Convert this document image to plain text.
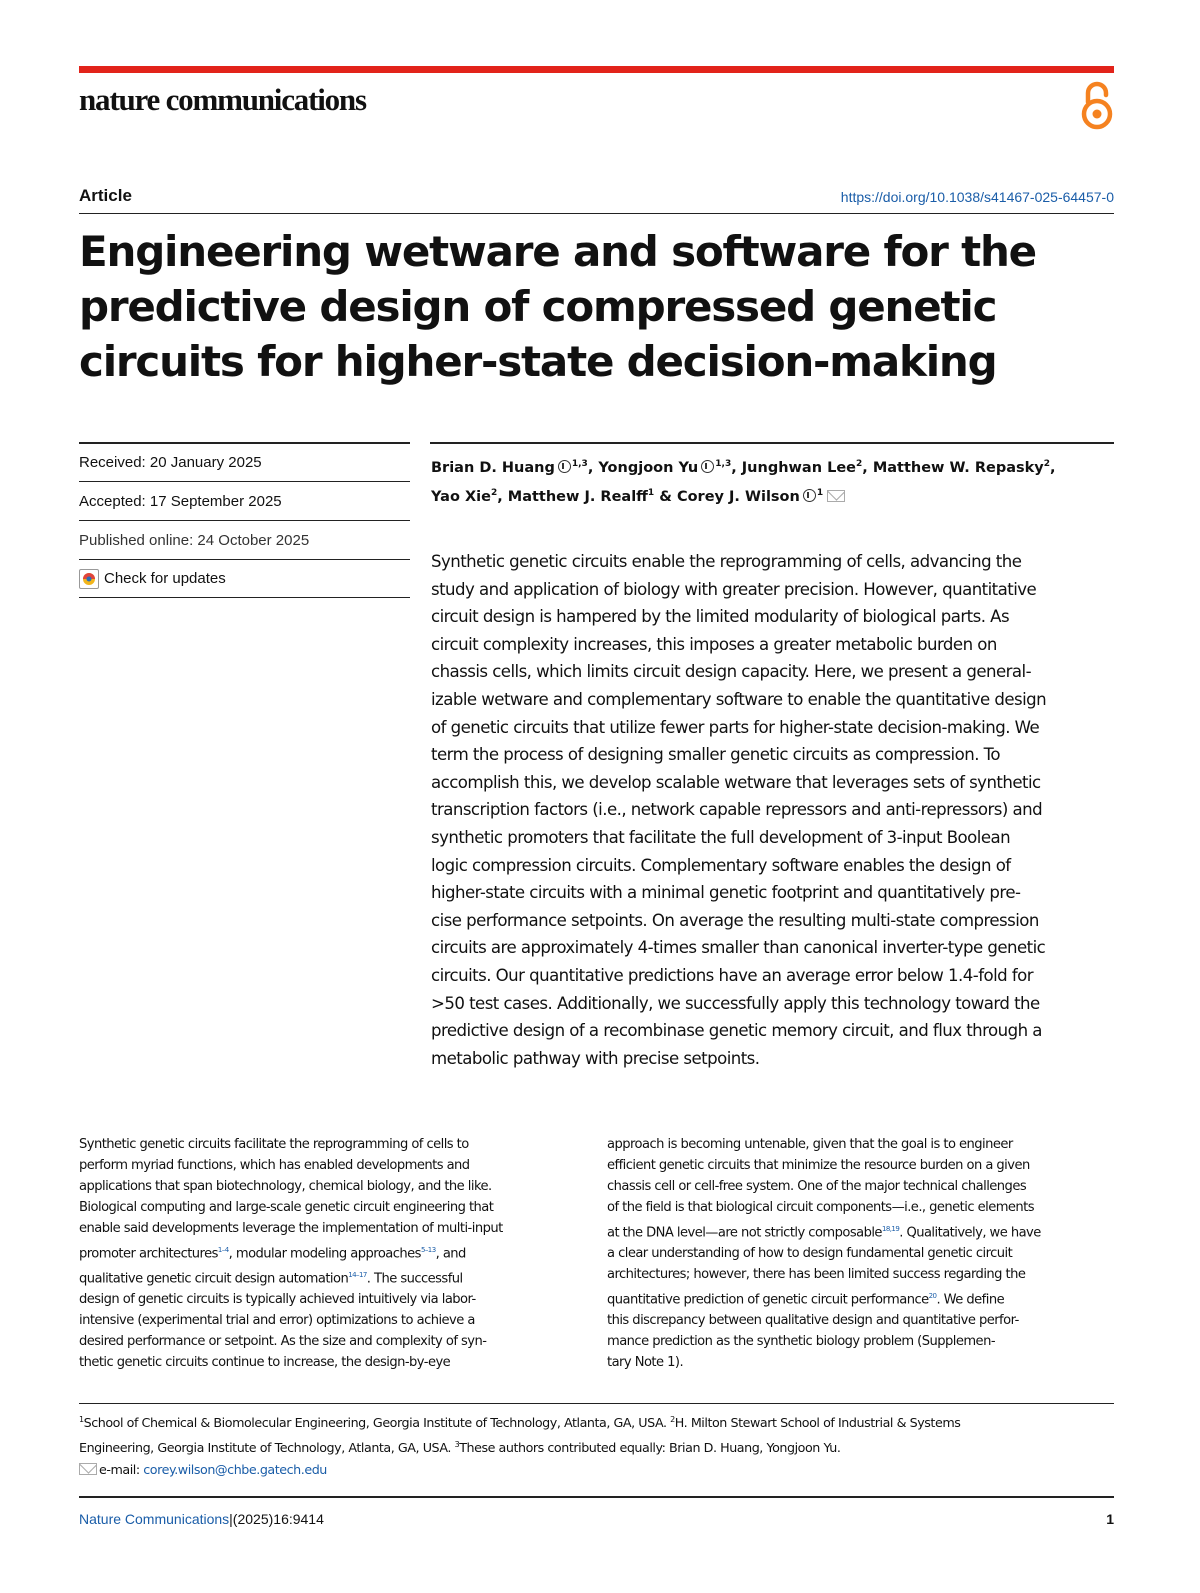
nature communications
Article	https://doi.org/10.1038/s41467-025-64457-0
Engineering wetware and software for the
predictive design of compressed genetic
circuits for higher-state decision-making
Received: 20 January 2025
Accepted: 17 September 2025
Published online: 24 October 2025
Check for updates
Brian D. Huang $^{1,3}$, Yongjoon Yu $^{1,3}$, Junghwan Lee$^2$, Matthew W. Repasky$^2$,
Yao Xie$^2$, Matthew J. Realff$^1$ & Corey J. Wilson $^1$
Synthetic genetic circuits enable the reprogramming of cells, advancing the
study and application of biology with greater precision. However, quantitative
circuit design is hampered by the limited modularity of biological parts. As
circuit complexity increases, this imposes a greater metabolic burden on
chassis cells, which limits circuit design capacity. Here, we present a general-
izable wetware and complementary software to enable the quantitative design
of genetic circuits that utilize fewer parts for higher-state decision-making. We
term the process of designing smaller genetic circuits as compression. To
accomplish this, we develop scalable wetware that leverages sets of synthetic
transcription factors (i.e., network capable repressors and anti-repressors) and
synthetic promoters that facilitate the full development of 3-input Boolean
logic compression circuits. Complementary software enables the design of
higher-state circuits with a minimal genetic footprint and quantitatively pre-
cise performance setpoints. On average the resulting multi-state compression
circuits are approximately 4-times smaller than canonical inverter-type genetic
circuits. Our quantitative predictions have an average error below 1.4-fold for
>50 test cases. Additionally, we successfully apply this technology toward the
predictive design of a recombinase genetic memory circuit, and flux through a
metabolic pathway with precise setpoints.
Synthetic genetic circuits facilitate the reprogramming of cells to
perform myriad functions, which has enabled developments and
applications that span biotechnology, chemical biology, and the like.
Biological computing and large-scale genetic circuit engineering that
enable said developments leverage the implementation of multi-input
promoter architectures$^{1-4}$, modular modeling approaches$^{5-13}$, and
qualitative genetic circuit design automation$^{14-17}$. The successful
design of genetic circuits is typically achieved intuitively via labor-
intensive (experimental trial and error) optimizations to achieve a
desired performance or setpoint. As the size and complexity of syn-
thetic genetic circuits continue to increase, the design-by-eye
approach is becoming untenable, given that the goal is to engineer
efficient genetic circuits that minimize the resource burden on a given
chassis cell or cell-free system. One of the major technical challenges
of the field is that biological circuit components—i.e., genetic elements
at the DNA level—are not strictly composable$^{18,19}$. Qualitatively, we have
a clear understanding of how to design fundamental genetic circuit
architectures; however, there has been limited success regarding the
quantitative prediction of genetic circuit performance$^{20}$. We define
this discrepancy between qualitative design and quantitative perfor-
mance prediction as the synthetic biology problem (Supplemen-
tary Note 1).
$^1$School of Chemical & Biomolecular Engineering, Georgia Institute of Technology, Atlanta, GA, USA. $^2$H. Milton Stewart School of Industrial & Systems
Engineering, Georgia Institute of Technology, Atlanta, GA, USA. $^3$These authors contributed equally: Brian D. Huang, Yongjoon Yu.
e-mail: corey.wilson@chbe.gatech.edu
Nature Communications|(2025)16:9414	1
